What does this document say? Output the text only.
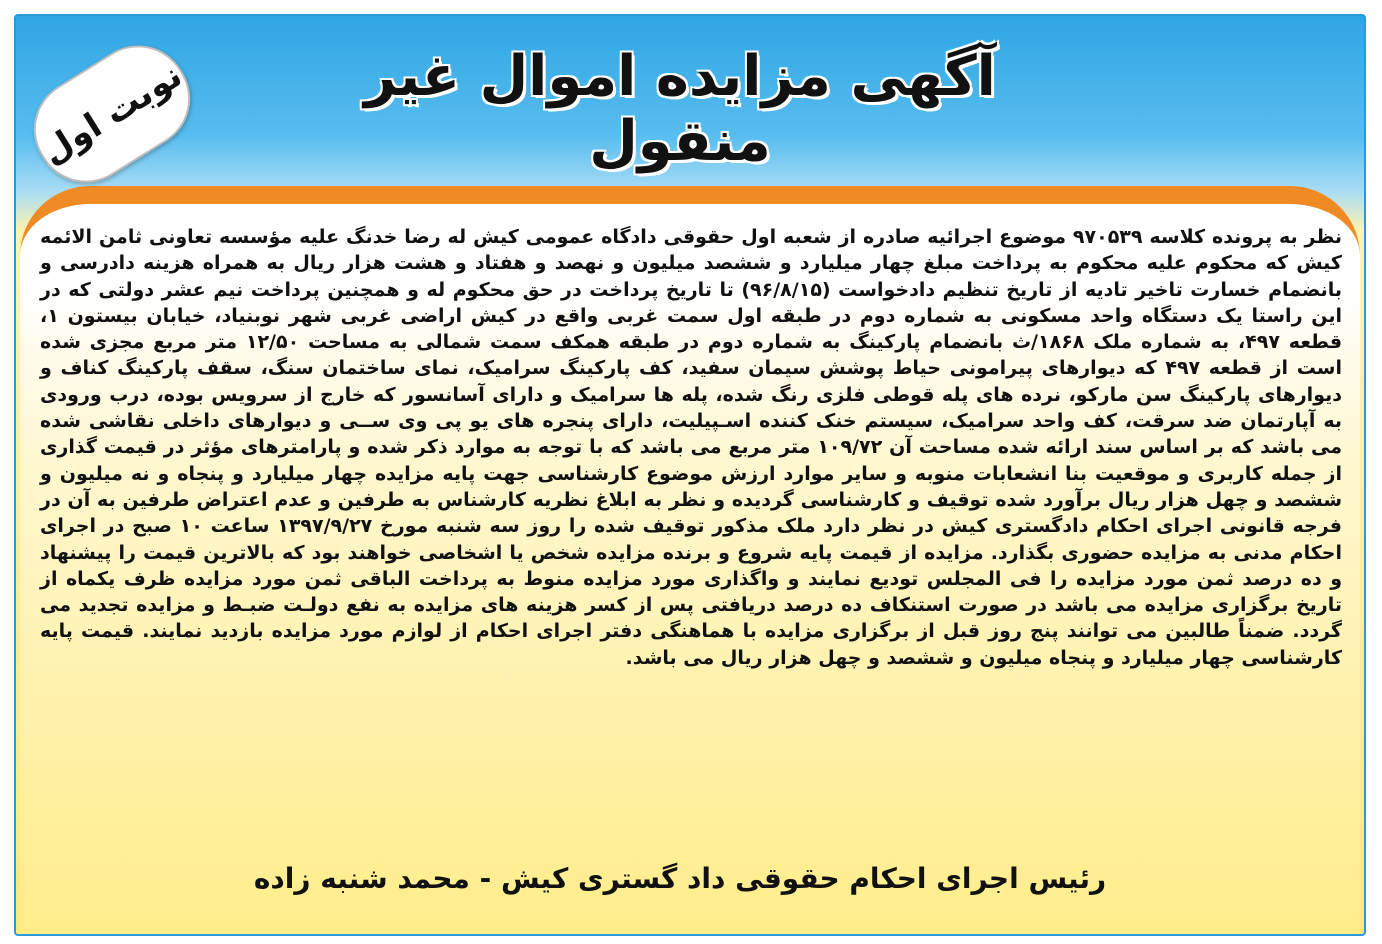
نوبت اول	آگهی مزایده اموال غیر منقول
نظر به پرونده کلاسه ۹۷۰۵۳۹ موضوع اجرائیه صادره از شعبه اول حقوقی دادگاه عمومی کیش له رضا خدنگ علیه مؤسسه تعاونی ثامن الائمه کیش که محکوم علیه محکوم به پرداخت مبلغ چهار میلیارد و ششصد میلیون و نهصد و هفتاد و هشت هزار ریال به همراه هزینه دادرسی و بانضمام خسارت تاخیر تادیه از تاریخ تنظیم دادخواست (۹۶/۸/۱۵) تا تاریخ پرداخت در حق محکوم له و همچنین پرداخت نیم عشر دولتی که در این راستا یک دستگاه واحد مسکونی به شماره دوم در طبقه اول سمت غربی واقع در کیش اراضی غربی شهر نوبنیاد، خیابان بیستون ۱، قطعه ۴۹۷، به شماره ملک ۱۸۶۸/ث بانضمام پارکینگ به شماره دوم در طبقه همکف سمت شمالی به مساحت ۱۲/۵۰ متر مربع مجزی شده است از قطعه ۴۹۷ که دیوارهای پیرامونی حیاط پوشش سیمان سفید، کف پارکینگ سرامیک، نمای ساختمان سنگ، سقف پارکینگ کناف و دیوارهای پارکینگ سن مارکو، نرده های پله قوطی فلزی رنگ شده، پله ها سرامیک و دارای آسانسور که خارج از سرویس بوده، درب ورودی به آپارتمان ضد سرقت، کف واحد سرامیک، سیستم خنک کننده اسـپیلیت، دارای پنجره های یو پی وی ســی و دیوارهای داخلی نقاشی شده می باشد که بر اساس سند ارائه شده مساحت آن ۱۰۹/۷۲ متر مربع می باشد که با توجه به موارد ذکر شده و پارامترهای مؤثر در قیمت گذاری از جمله کاربری و موقعیت بنا انشعابات منوبه و سایر موارد ارزش موضوع کارشناسی جهت پایه مزایده چهار میلیارد و پنجاه و نه میلیون و ششصد و چهل هزار ریال برآورد شده توقیف و کارشناسی گردیده و نظر به ابلاغ نظریه کارشناس به طرفین و عدم اعتراض طرفین به آن در فرجه قانونی اجرای احکام دادگستری کیش در نظر دارد ملک مذکور توقیف شده را روز سه شنبه مورخ ۱۳۹۷/۹/۲۷ ساعت ۱۰ صبح در اجرای احکام مدنی به مزایده حضوری بگذارد. مزایده از قیمت پایه شروع و برنده مزایده شخص یا اشخاصی خواهند بود که بالاترین قیمت را پیشنهاد و ده درصد ثمن مورد مزایده را فی المجلس تودیع نمایند و واگذاری مورد مزایده منوط به پرداخت الباقی ثمن مورد مزایده ظرف یکماه از تاریخ برگزاری مزایده می باشد در صورت استنکاف ده درصد دریافتی پس از کسر هزینه های مزایده به نفع دولـت ضبـط و مزایده تجدید می گردد. ضمناً طالبین می توانند پنج روز قبل از برگزاری مزایده با هماهنگی دفتر اجرای احکام از لوازم مورد مزایده بازدید نمایند. قیمت پایه کارشناسی چهار میلیارد و پنجاه میلیون و ششصد و چهل هزار ریال می باشد.
رئیس اجرای احکام حقوقی داد گستری کیش - محمد شنبه زاده
